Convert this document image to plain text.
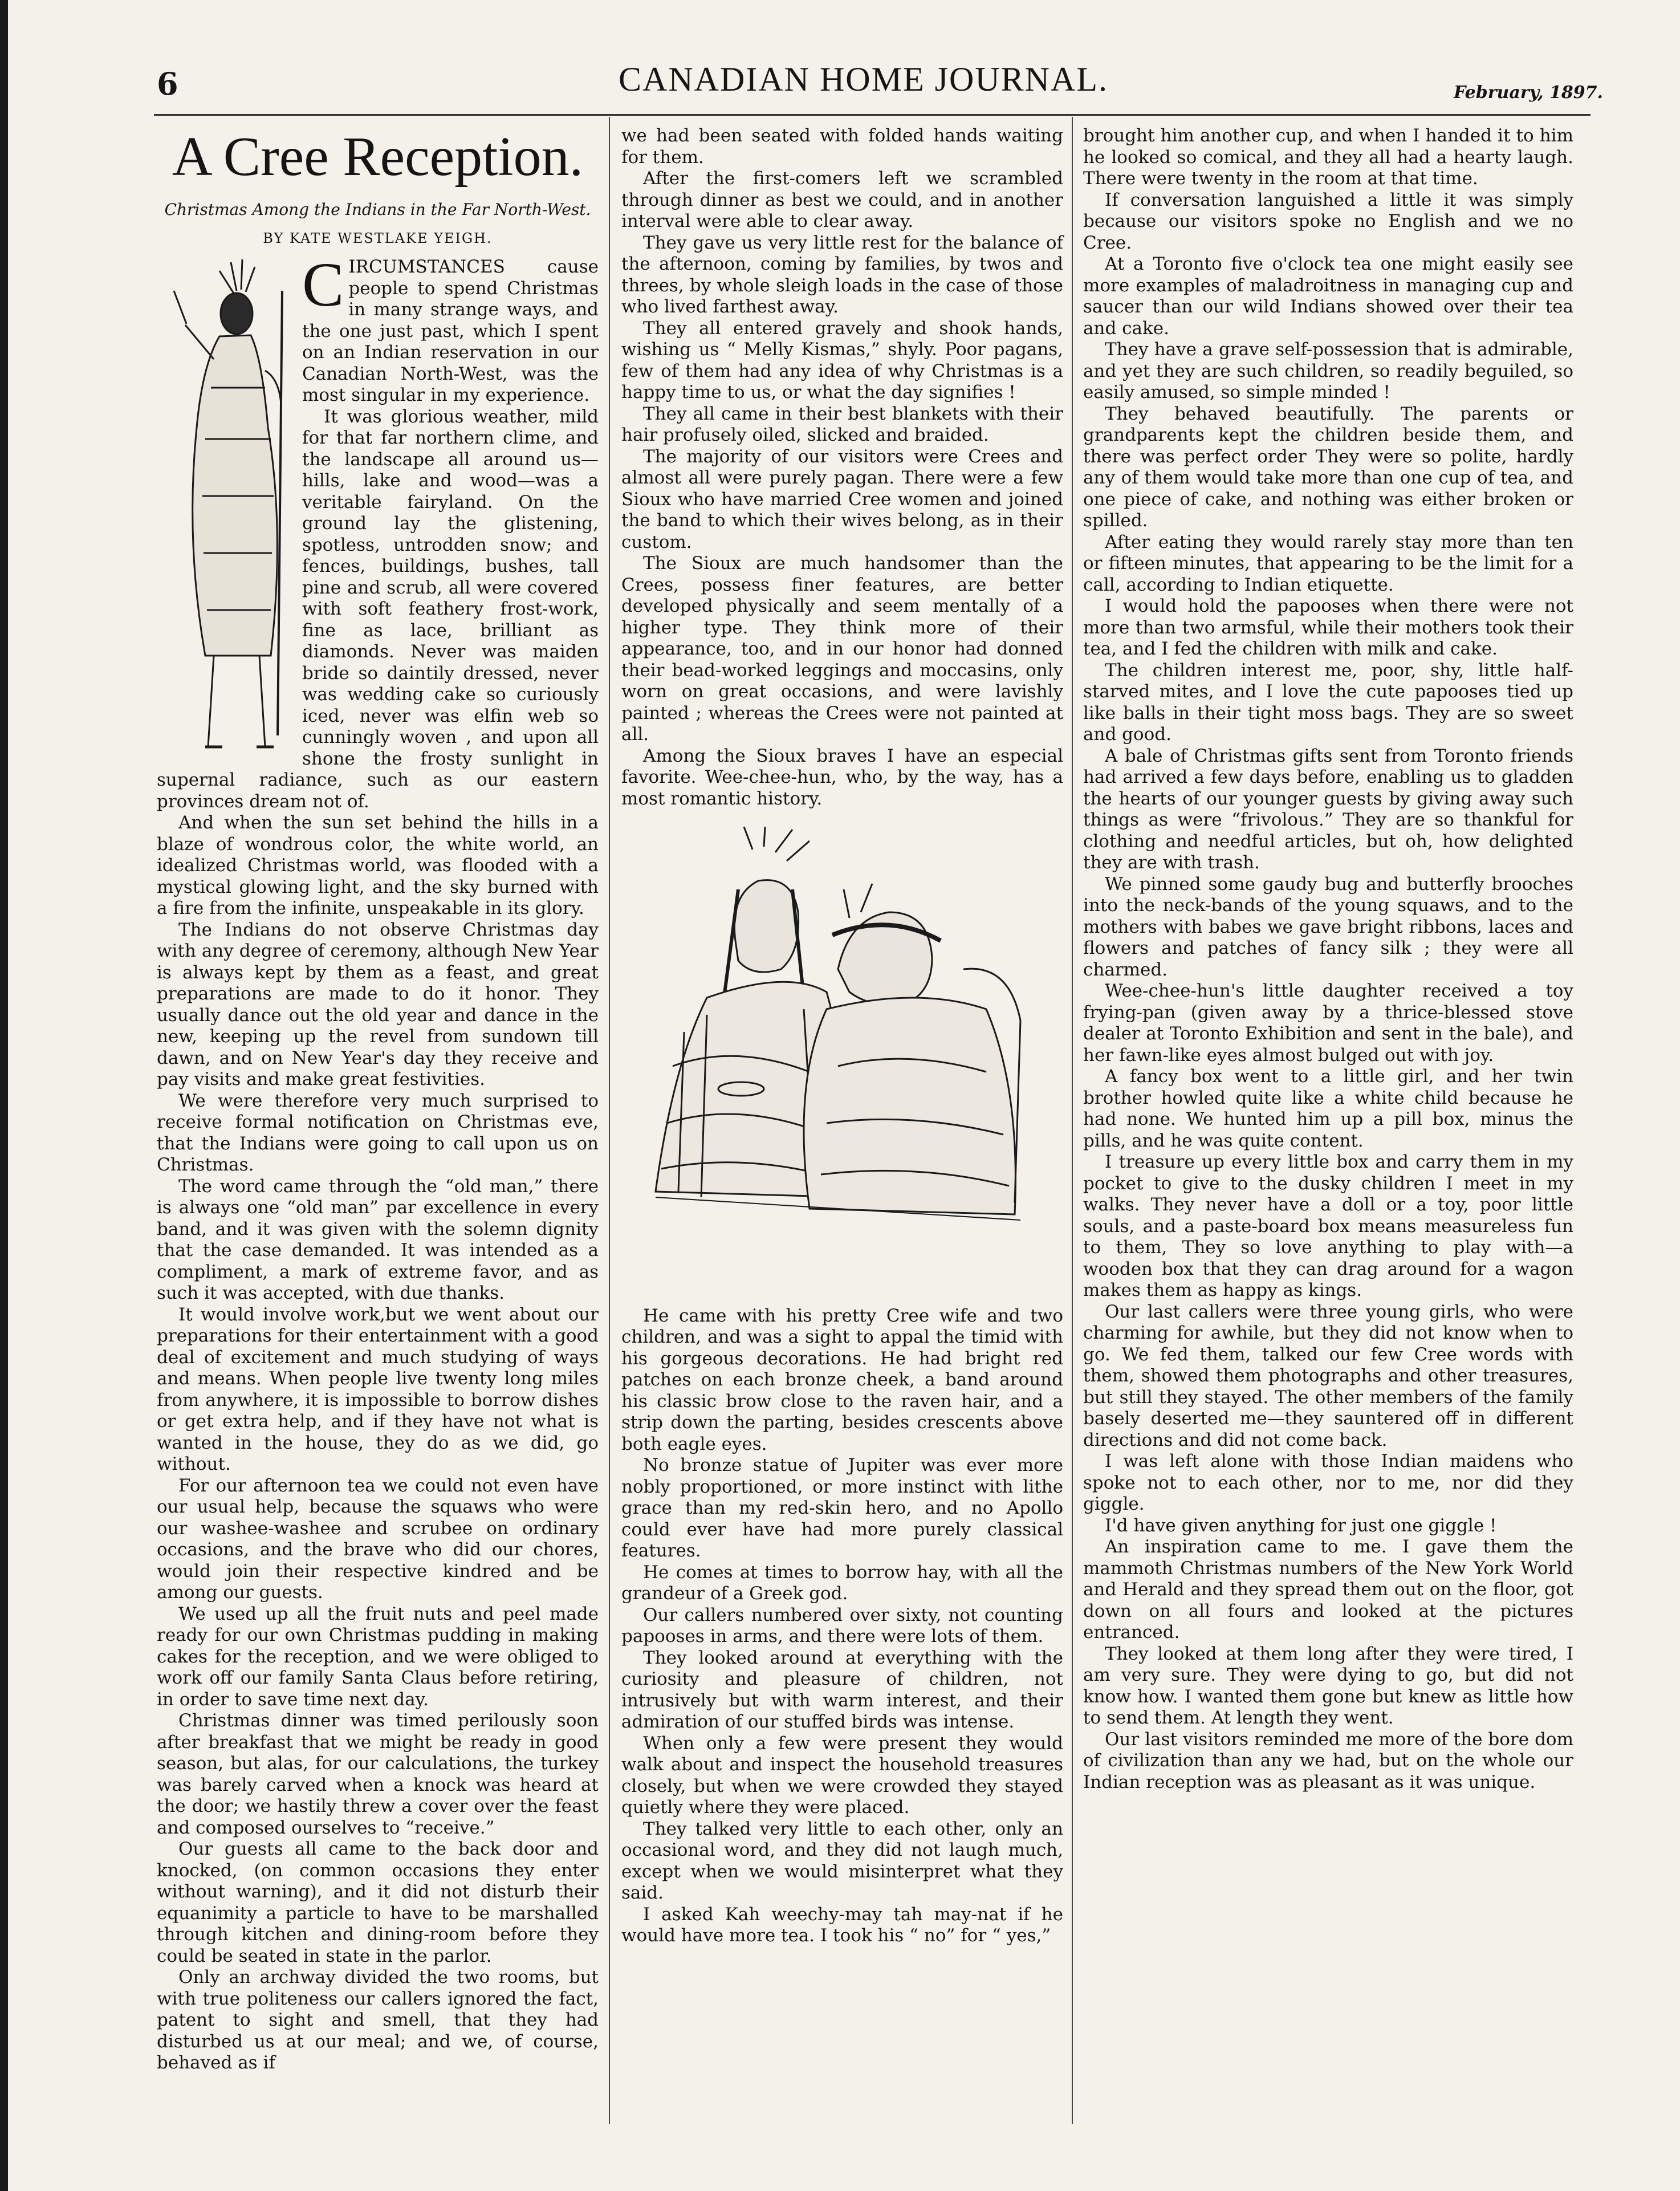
6	CANADIAN HOME JOURNAL.	February, 1897.
A Cree Reception.
Christmas Among the Indians in the Far North-West.
BY KATE WESTLAKE YEIGH.
C IRCUMSTANCES cause people to spend Christmas in many strange ways, and the one just past, which I spent on an Indian reservation in our Canadian North-West, was the most singular in my experience.

It was glorious weather, mild for that far northern clime, and the landscape all around us—hills, lake and wood—was a veritable fairyland. On the ground lay the glistening, spotless, untrodden snow; and fences, buildings, bushes, tall pine and scrub, all were covered with soft feathery frost-work, fine as lace, brilliant as diamonds. Never was maiden bride so daintily dressed, never was wedding cake so curiously iced, never was elfin web so cunningly woven , and upon all shone the frosty sunlight in supernal radiance, such as our eastern provinces dream not of.

And when the sun set behind the hills in a blaze of wondrous color, the white world, an idealized Christmas world, was flooded with a mystical glowing light, and the sky burned with a fire from the infinite, unspeakable in its glory.

The Indians do not observe Christmas day with any degree of ceremony, although New Year is always kept by them as a feast, and great preparations are made to do it honor. They usually dance out the old year and dance in the new, keeping up the revel from sundown till dawn, and on New Year's day they receive and pay visits and make great festivities.

We were therefore very much surprised to receive formal notification on Christmas eve, that the Indians were going to call upon us on Christmas.

The word came through the “old man,” there is always one “old man” par excellence in every band, and it was given with the solemn dignity that the case demanded. It was intended as a compliment, a mark of extreme favor, and as such it was accepted, with due thanks.

It would involve work,but we went about our preparations for their entertainment with a good deal of excitement and much studying of ways and means. When people live twenty long miles from anywhere, it is impossible to borrow dishes or get extra help, and if they have not what is wanted in the house, they do as we did, go without.

For our afternoon tea we could not even have our usual help, because the squaws who were our washee-washee and scrubee on ordinary occasions, and the brave who did our chores, would join their respective kindred and be among our guests.

We used up all the fruit nuts and peel made ready for our own Christmas pudding in making cakes for the reception, and we were obliged to work off our family Santa Claus before retiring, in order to save time next day.

Christmas dinner was timed perilously soon after breakfast that we might be ready in good season, but alas, for our calculations, the turkey was barely carved when a knock was heard at the door; we hastily threw a cover over the feast and composed ourselves to “receive.”

Our guests all came to the back door and knocked, (on common occasions they enter without warning), and it did not disturb their equanimity a particle to have to be marshalled through kitchen and dining-room before they could be seated in state in the parlor.

Only an archway divided the two rooms, but with true politeness our callers ignored the fact, patent to sight and smell, that they had disturbed us at our meal; and we, of course, behaved as if

we had been seated with folded hands waiting for them.

After the first-comers left we scrambled through dinner as best we could, and in another interval were able to clear away.

They gave us very little rest for the balance of the afternoon, coming by families, by twos and threes, by whole sleigh loads in the case of those who lived farthest away.

They all entered gravely and shook hands, wishing us “ Melly Kismas,” shyly. Poor pagans, few of them had any idea of why Christmas is a happy time to us, or what the day signifies !

They all came in their best blankets with their hair profusely oiled, slicked and braided.

The majority of our visitors were Crees and almost all were purely pagan. There were a few Sioux who have married Cree women and joined the band to which their wives belong, as in their custom.

The Sioux are much handsomer than the Crees, possess finer features, are better developed physically and seem mentally of a higher type. They think more of their appearance, too, and in our honor had donned their bead-worked leggings and moccasins, only worn on great occasions, and were lavishly painted ; whereas the Crees were not painted at all.

Among the Sioux braves I have an especial favorite. Wee-chee-hun, who, by the way, has a most romantic history.

He came with his pretty Cree wife and two children, and was a sight to appal the timid with his gorgeous decorations. He had bright red patches on each bronze cheek, a band around his classic brow close to the raven hair, and a strip down the parting, besides crescents above both eagle eyes.

No bronze statue of Jupiter was ever more nobly proportioned, or more instinct with lithe grace than my red-skin hero, and no Apollo could ever have had more purely classical features.

He comes at times to borrow hay, with all the grandeur of a Greek god.

Our callers numbered over sixty, not counting papooses in arms, and there were lots of them.

They looked around at everything with the curiosity and pleasure of children, not intrusively but with warm interest, and their admiration of our stuffed birds was intense.

When only a few were present they would walk about and inspect the household treasures closely, but when we were crowded they stayed quietly where they were placed.

They talked very little to each other, only an occasional word, and they did not laugh much, except when we would misinterpret what they said.

I asked Kah weechy-may tah may-nat if he would have more tea. I took his “ no” for “ yes,”

brought him another cup, and when I handed it to him he looked so comical, and they all had a hearty laugh. There were twenty in the room at that time.

If conversation languished a little it was simply because our visitors spoke no English and we no Cree.

At a Toronto five o'clock tea one might easily see more examples of maladroitness in managing cup and saucer than our wild Indians showed over their tea and cake.

They have a grave self-possession that is admirable, and yet they are such children, so readily beguiled, so easily amused, so simple minded !

They behaved beautifully. The parents or grandparents kept the children beside them, and there was perfect order They were so polite, hardly any of them would take more than one cup of tea, and one piece of cake, and nothing was either broken or spilled.

After eating they would rarely stay more than ten or fifteen minutes, that appearing to be the limit for a call, according to Indian etiquette.

I would hold the papooses when there were not more than two armsful, while their mothers took their tea, and I fed the children with milk and cake.

The children interest me, poor, shy, little half-starved mites, and I love the cute papooses tied up like balls in their tight moss bags. They are so sweet and good.

A bale of Christmas gifts sent from Toronto friends had arrived a few days before, enabling us to gladden the hearts of our younger guests by giving away such things as were “frivolous.” They are so thankful for clothing and needful articles, but oh, how delighted they are with trash.

We pinned some gaudy bug and butterfly brooches into the neck-bands of the young squaws, and to the mothers with babes we gave bright ribbons, laces and flowers and patches of fancy silk ; they were all charmed.

Wee-chee-hun's little daughter received a toy frying-pan (given away by a thrice-blessed stove dealer at Toronto Exhibition and sent in the bale), and her fawn-like eyes almost bulged out with joy.

A fancy box went to a little girl, and her twin brother howled quite like a white child because he had none. We hunted him up a pill box, minus the pills, and he was quite content.

I treasure up every little box and carry them in my pocket to give to the dusky children I meet in my walks. They never have a doll or a toy, poor little souls, and a paste-board box means measureless fun to them, They so love anything to play with—a wooden box that they can drag around for a wagon makes them as happy as kings.

Our last callers were three young girls, who were charming for awhile, but they did not know when to go. We fed them, talked our few Cree words with them, showed them photographs and other treasures, but still they stayed. The other members of the family basely deserted me—they sauntered off in different directions and did not come back.

I was left alone with those Indian maidens who spoke not to each other, nor to me, nor did they giggle.

I'd have given anything for just one giggle !

An inspiration came to me. I gave them the mammoth Christmas numbers of the New York World and Herald and they spread them out on the floor, got down on all fours and looked at the pictures entranced.

They looked at them long after they were tired, I am very sure. They were dying to go, but did not know how. I wanted them gone but knew as little how to send them. At length they went.

Our last visitors reminded me more of the bore dom of civilization than any we had, but on the whole our Indian reception was as pleasant as it was unique.
